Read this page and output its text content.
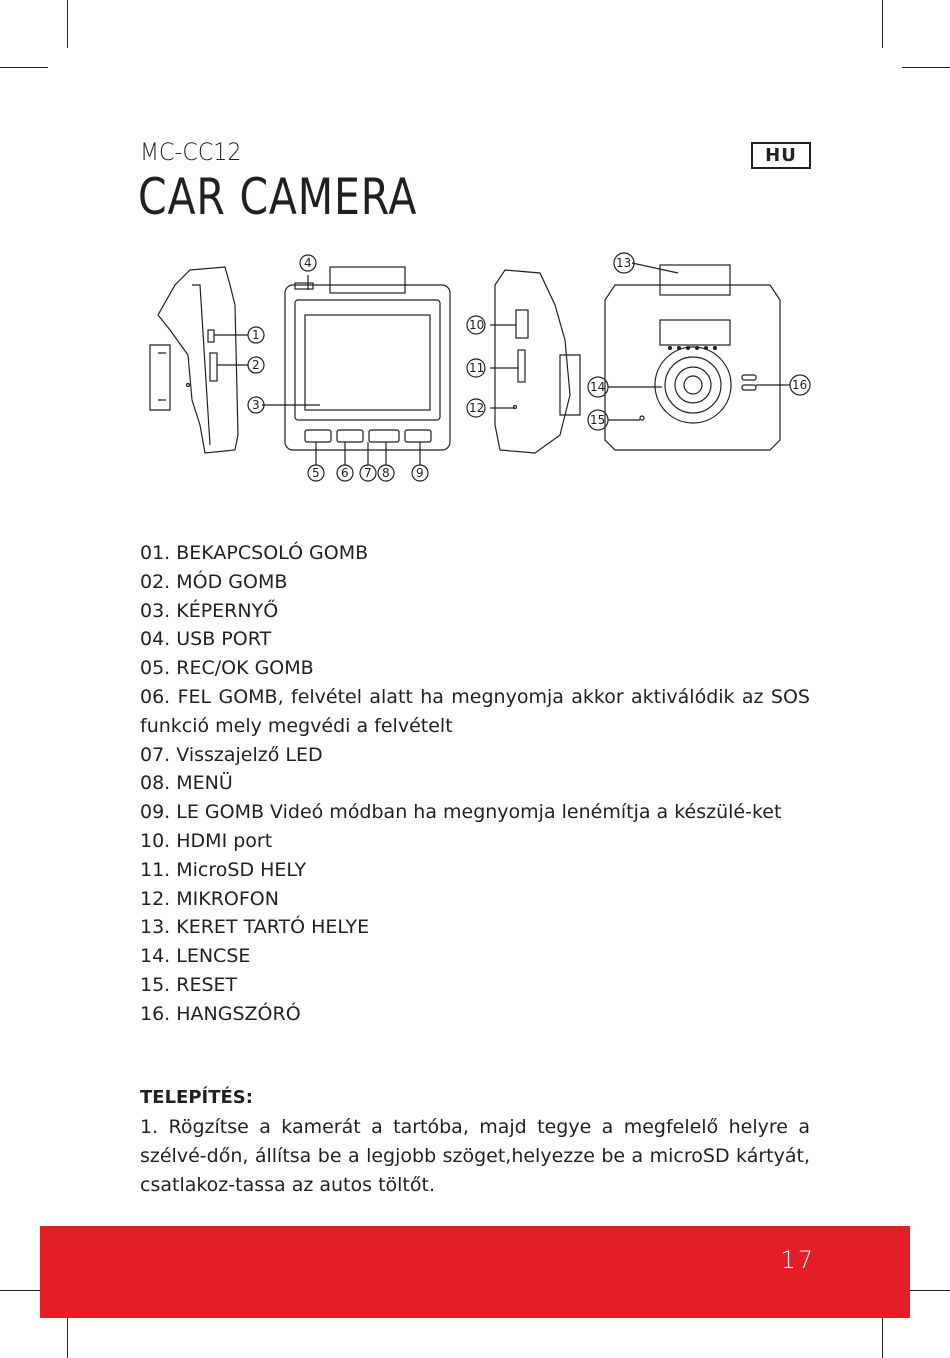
MC-CC12
CAR CAMERA
HU
1
2
3
4
5 6 7 8 9
10
11
12
13
14
15
16

01. BEKAPCSOLÓ GOMB

02. MÓD GOMB

03. KÉPERNYŐ

04. USB PORT

05. REC/OK GOMB

06. FEL GOMB, felvétel alatt ha megnyomja akkor aktiválódik az SOS funkció mely megvédi a felvételt

07. Visszajelző LED

08. MENÜ

09. LE GOMB Videó módban ha megnyomja lenémítja a készülé-ket

10. HDMI port

11. MicroSD HELY

12. MIKROFON

13. KERET TARTÓ HELYE

14. LENCSE

15. RESET

16. HANGSZÓRÓ

TELEPÍTÉS:

1. Rögzítse a kamerát a tartóba, majd tegye a megfelelő helyre a szélvé-dőn, állítsa be a legjobb szöget,helyezze be a microSD kártyát, csatlakoz-tassa az autos töltőt.

17
